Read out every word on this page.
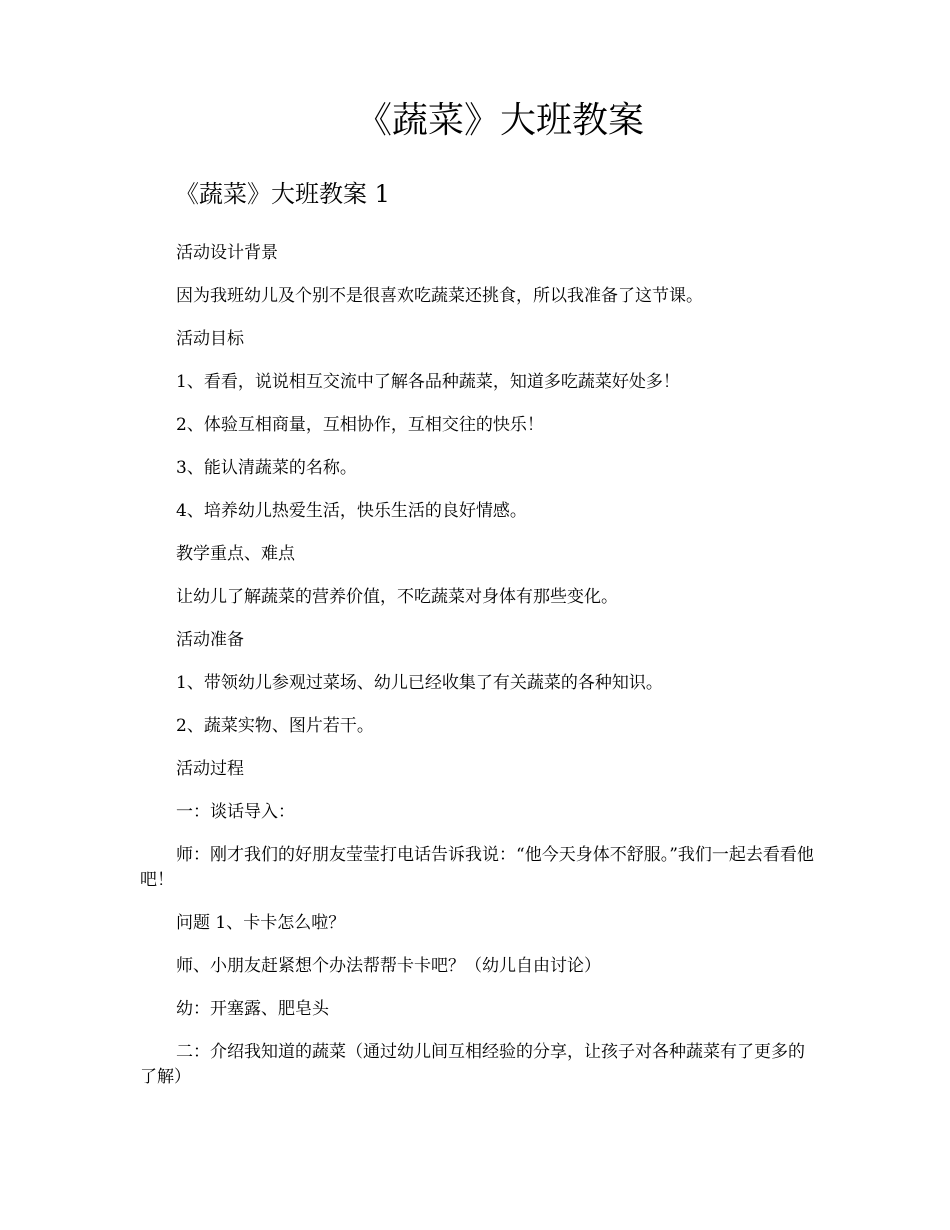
《蔬菜》大班教案
《蔬菜》大班教案 1

活动设计背景

因为我班幼儿及个别不是很喜欢吃蔬菜还挑食，所以我准备了这节课。

活动目标

1、看看，说说相互交流中了解各品种蔬菜，知道多吃蔬菜好处多！

2、体验互相商量，互相协作，互相交往的快乐！

3、能认清蔬菜的名称。

4、培养幼儿热爱生活，快乐生活的良好情感。

教学重点、难点

让幼儿了解蔬菜的营养价值，不吃蔬菜对身体有那些变化。

活动准备

1、带领幼儿参观过菜场、幼儿已经收集了有关蔬菜的各种知识。

2、蔬菜实物、图片若干。

活动过程

一：谈话导入：

师：刚才我们的好朋友莹莹打电话告诉我说：“他今天身体不舒服。”我们一起去看看他吧！

问题 1、卡卡怎么啦？

师、小朋友赶紧想个办法帮帮卡卡吧？（幼儿自由讨论）

幼：开塞露、肥皂头

二：介绍我知道的蔬菜（通过幼儿间互相经验的分享，让孩子对各种蔬菜有了更多的了解）
